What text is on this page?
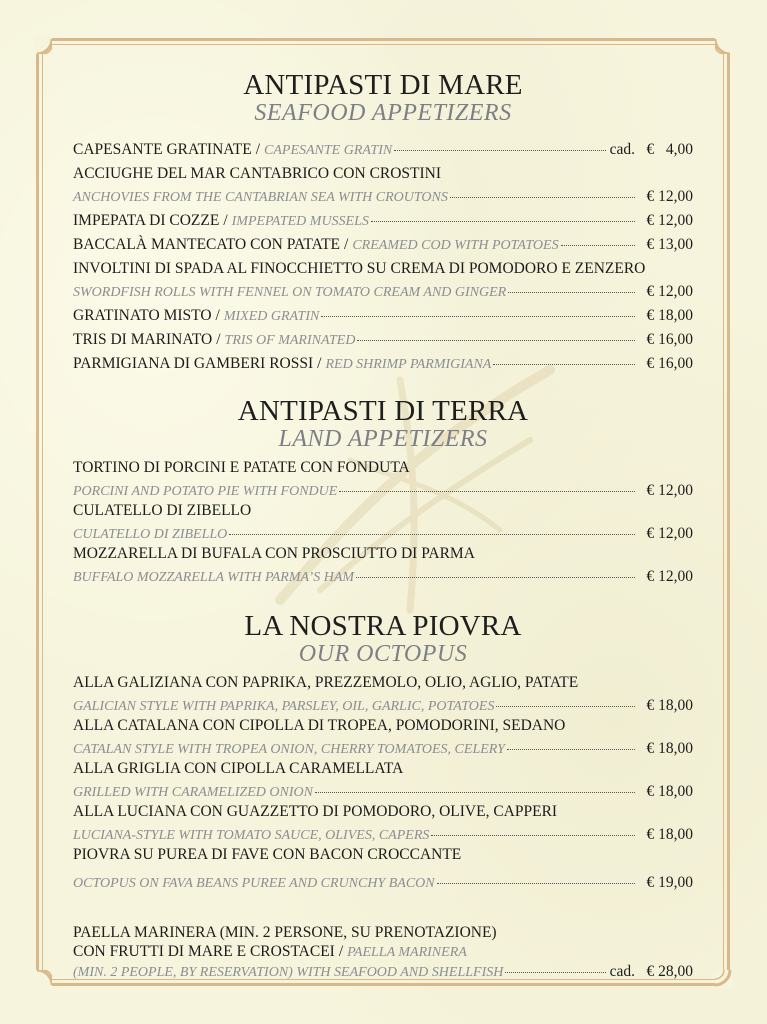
ANTIPASTI DI MARE
SEAFOOD APPETIZERS
CAPESANTE GRATINATE / CAPESANTE GRATIN	cad. €   4,00
ACCIUGHE DEL MAR CANTABRICO CON CROSTINI
ANCHOVIES FROM THE CANTABRIAN SEA WITH CROUTONS	€ 12,00
IMPEPATA DI COZZE / IMPEPATED MUSSELS	€ 12,00
BACCALÀ MANTECATO CON PATATE / CREAMED COD WITH POTATOES	€ 13,00
INVOLTINI DI SPADA AL FINOCCHIETTO SU CREMA DI POMODORO E ZENZERO
SWORDFISH ROLLS WITH FENNEL ON TOMATO CREAM AND GINGER	€ 12,00
GRATINATO MISTO / MIXED GRATIN	€ 18,00
TRIS DI MARINATO / TRIS OF MARINATED	€ 16,00
PARMIGIANA DI GAMBERI ROSSI / RED SHRIMP PARMIGIANA	€ 16,00
ANTIPASTI DI TERRA
LAND APPETIZERS
TORTINO DI PORCINI E PATATE CON FONDUTA
PORCINI AND POTATO PIE WITH FONDUE	€ 12,00
CULATELLO DI ZIBELLO
CULATELLO DI ZIBELLO	€ 12,00
MOZZARELLA DI BUFALA CON PROSCIUTTO DI PARMA
BUFFALO MOZZARELLA WITH PARMA’S HAM	€ 12,00
LA NOSTRA PIOVRA
OUR OCTOPUS
ALLA GALIZIANA CON PAPRIKA, PREZZEMOLO, OLIO, AGLIO, PATATE
GALICIAN STYLE WITH PAPRIKA, PARSLEY, OIL, GARLIC, POTATOES	€ 18,00
ALLA CATALANA CON CIPOLLA DI TROPEA, POMODORINI, SEDANO
CATALAN STYLE WITH TROPEA ONION, CHERRY TOMATOES, CELERY	€ 18,00
ALLA GRIGLIA CON CIPOLLA CARAMELLATA
GRILLED WITH CARAMELIZED ONION	€ 18,00
ALLA LUCIANA CON GUAZZETTO DI POMODORO, OLIVE, CAPPERI
LUCIANA-STYLE WITH TOMATO SAUCE, OLIVES, CAPERS	€ 18,00
PIOVRA SU PUREA DI FAVE CON BACON CROCCANTE
OCTOPUS ON FAVA BEANS PUREE AND CRUNCHY BACON	€ 19,00
PAELLA MARINERA (MIN. 2 PERSONE, SU PRENOTAZIONE)
CON FRUTTI DI MARE E CROSTACEI / PAELLA MARINERA
(MIN. 2 PEOPLE, BY RESERVATION) WITH SEAFOOD AND SHELLFISH	cad. € 28,00
